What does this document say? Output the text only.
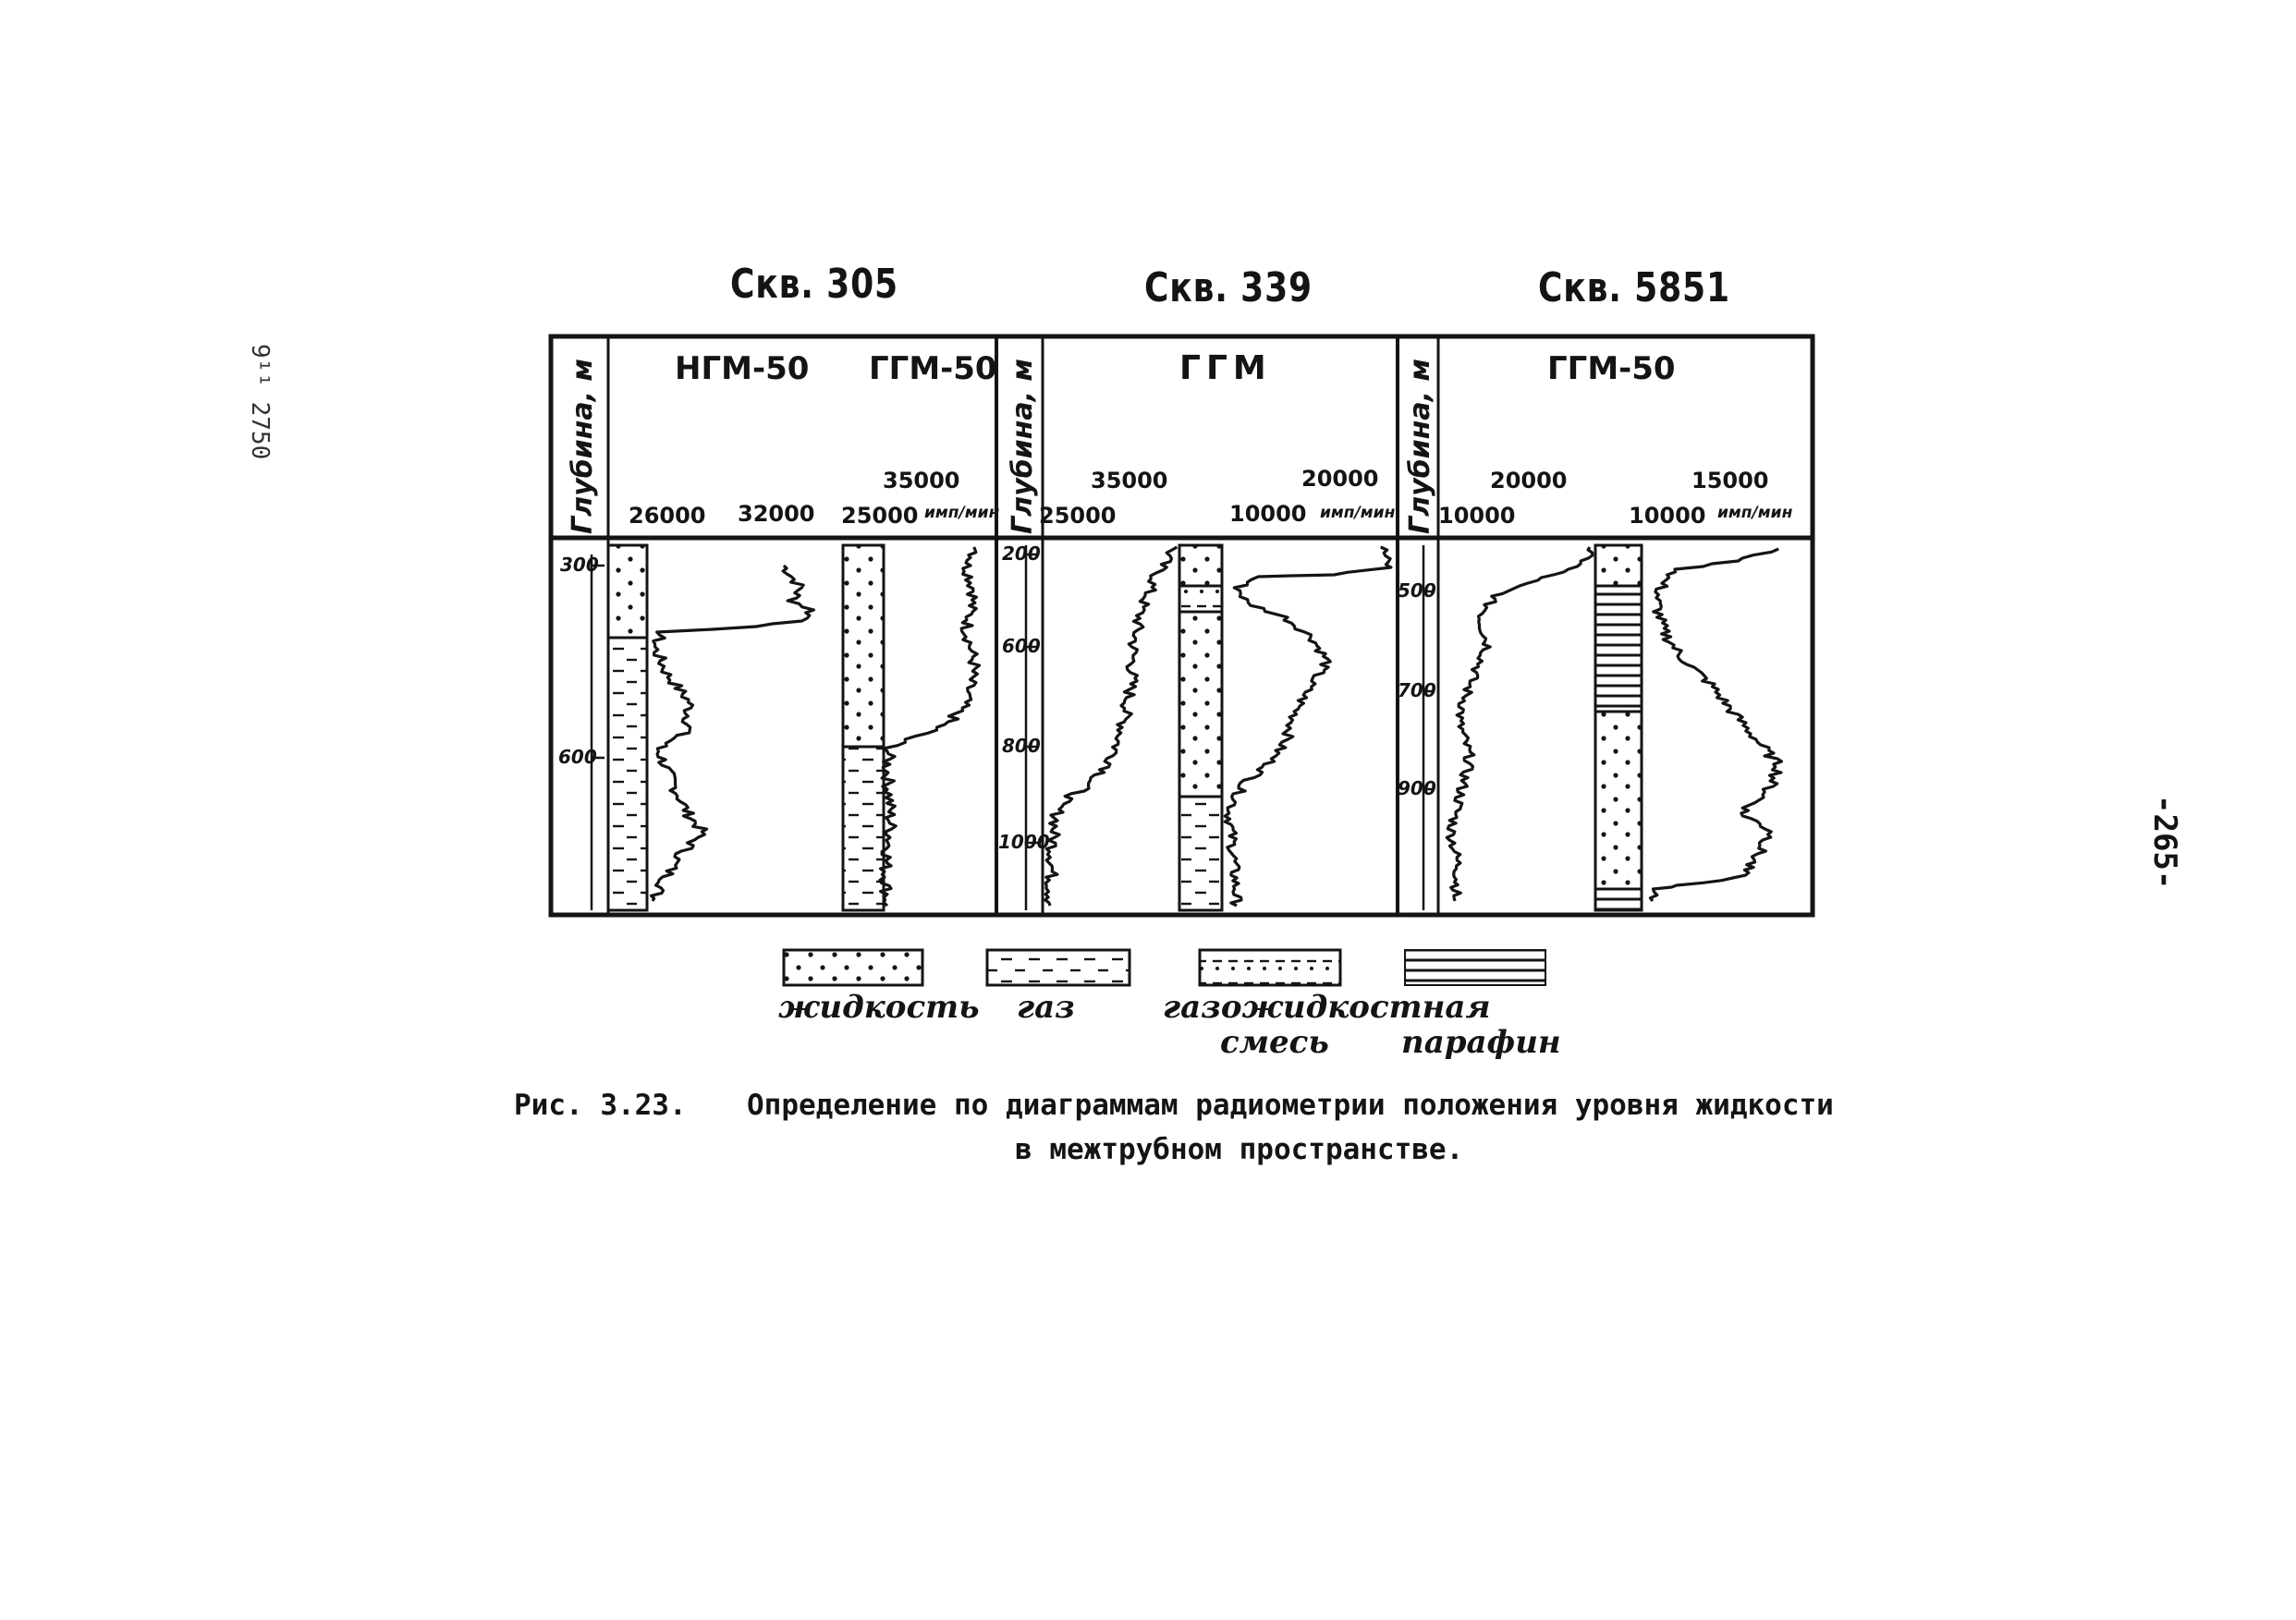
9¹¹ 2750
-265-
Скв. 305	Скв. 339	Скв. 5851
Глубина, м	Глубина, м	Глубина, м
НГМ-50 ГГМ-50	ГГМ	ГГМ-50
26000 32000
35000
25000 имп/мин
35000	20000
25000	10000 имп/мин
20000	15000
10000	10000 имп/мин
300
600
200
600
800
1000
500
700
900
жидкость газ	газожидкостная
смесь парафин
Рис. 3.23. Определение по диаграммам радиометрии положения уровня жидкости
в межтрубном пространстве.
